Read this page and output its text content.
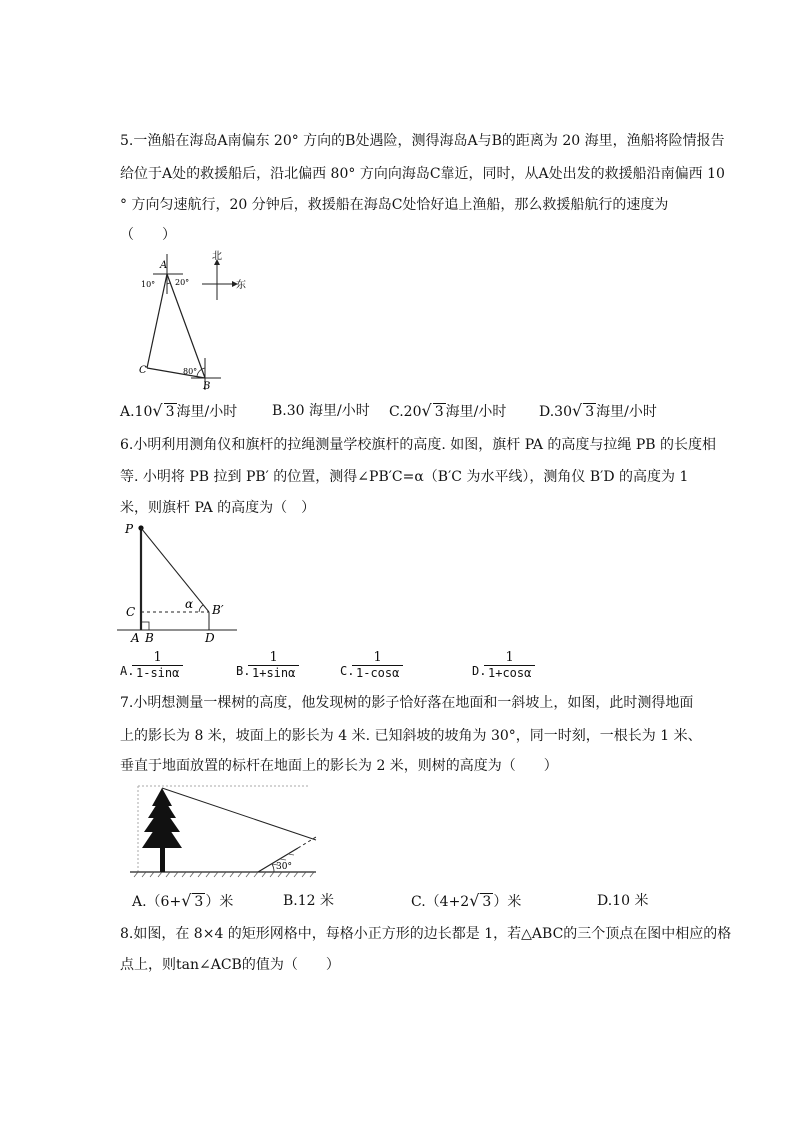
5.一渔船在海岛A南偏东 20° 方向的B处遇险，测得海岛A与B的距离为 20 海里，渔船将险情报告
给位于A处的救援船后，沿北偏西 80° 方向向海岛C靠近，同时，从A处出发的救援船沿南偏西 10
° 方向匀速航行，20 分钟后，救援船在海岛C处恰好追上渔船，那么救援船航行的速度为
（　　）
A
10° 20°
C	80°
B
北
东
A.10√ 3 海里/小时 B.30 海里/小时 C.20√ 3 海里/小时 D.30√ 3 海里/小时
6.小明利用测角仪和旗杆的拉绳测量学校旗杆的高度. 如图，旗杆 PA 的高度与拉绳 PB 的长度相
等. 小明将 PB 拉到 PB′ 的位置，测得∠PB′C=α（B′C 为水平线），测角仪 B′D 的高度为 1
米，则旗杆 PA 的高度为（　）
P
C
A B	D
B′
α
A.
$\frac{1}{1-\sin\alpha}$	B.
$\frac{1}{1+\sin\alpha}$	C.
$\frac{1}{1-\cos\alpha}$	D.
$\frac{1}{1+\cos\alpha}$
7.小明想测量一棵树的高度，他发现树的影子恰好落在地面和一斜坡上，如图，此时测得地面
上的影长为 8 米，坡面上的影长为 4 米. 已知斜坡的坡角为 30°，同一时刻，一根长为 1 米、
垂直于地面放置的标杆在地面上的影长为 2 米，则树的高度为（　　）
30°
A.（6+√ 3 ）米	B.12 米	C.（4+2√ 3 ）米	D.10 米
8.如图，在 8×4 的矩形网格中，每格小正方形的边长都是 1，若△ABC的三个顶点在图中相应的格
点上，则tan∠ACB的值为（　　）
